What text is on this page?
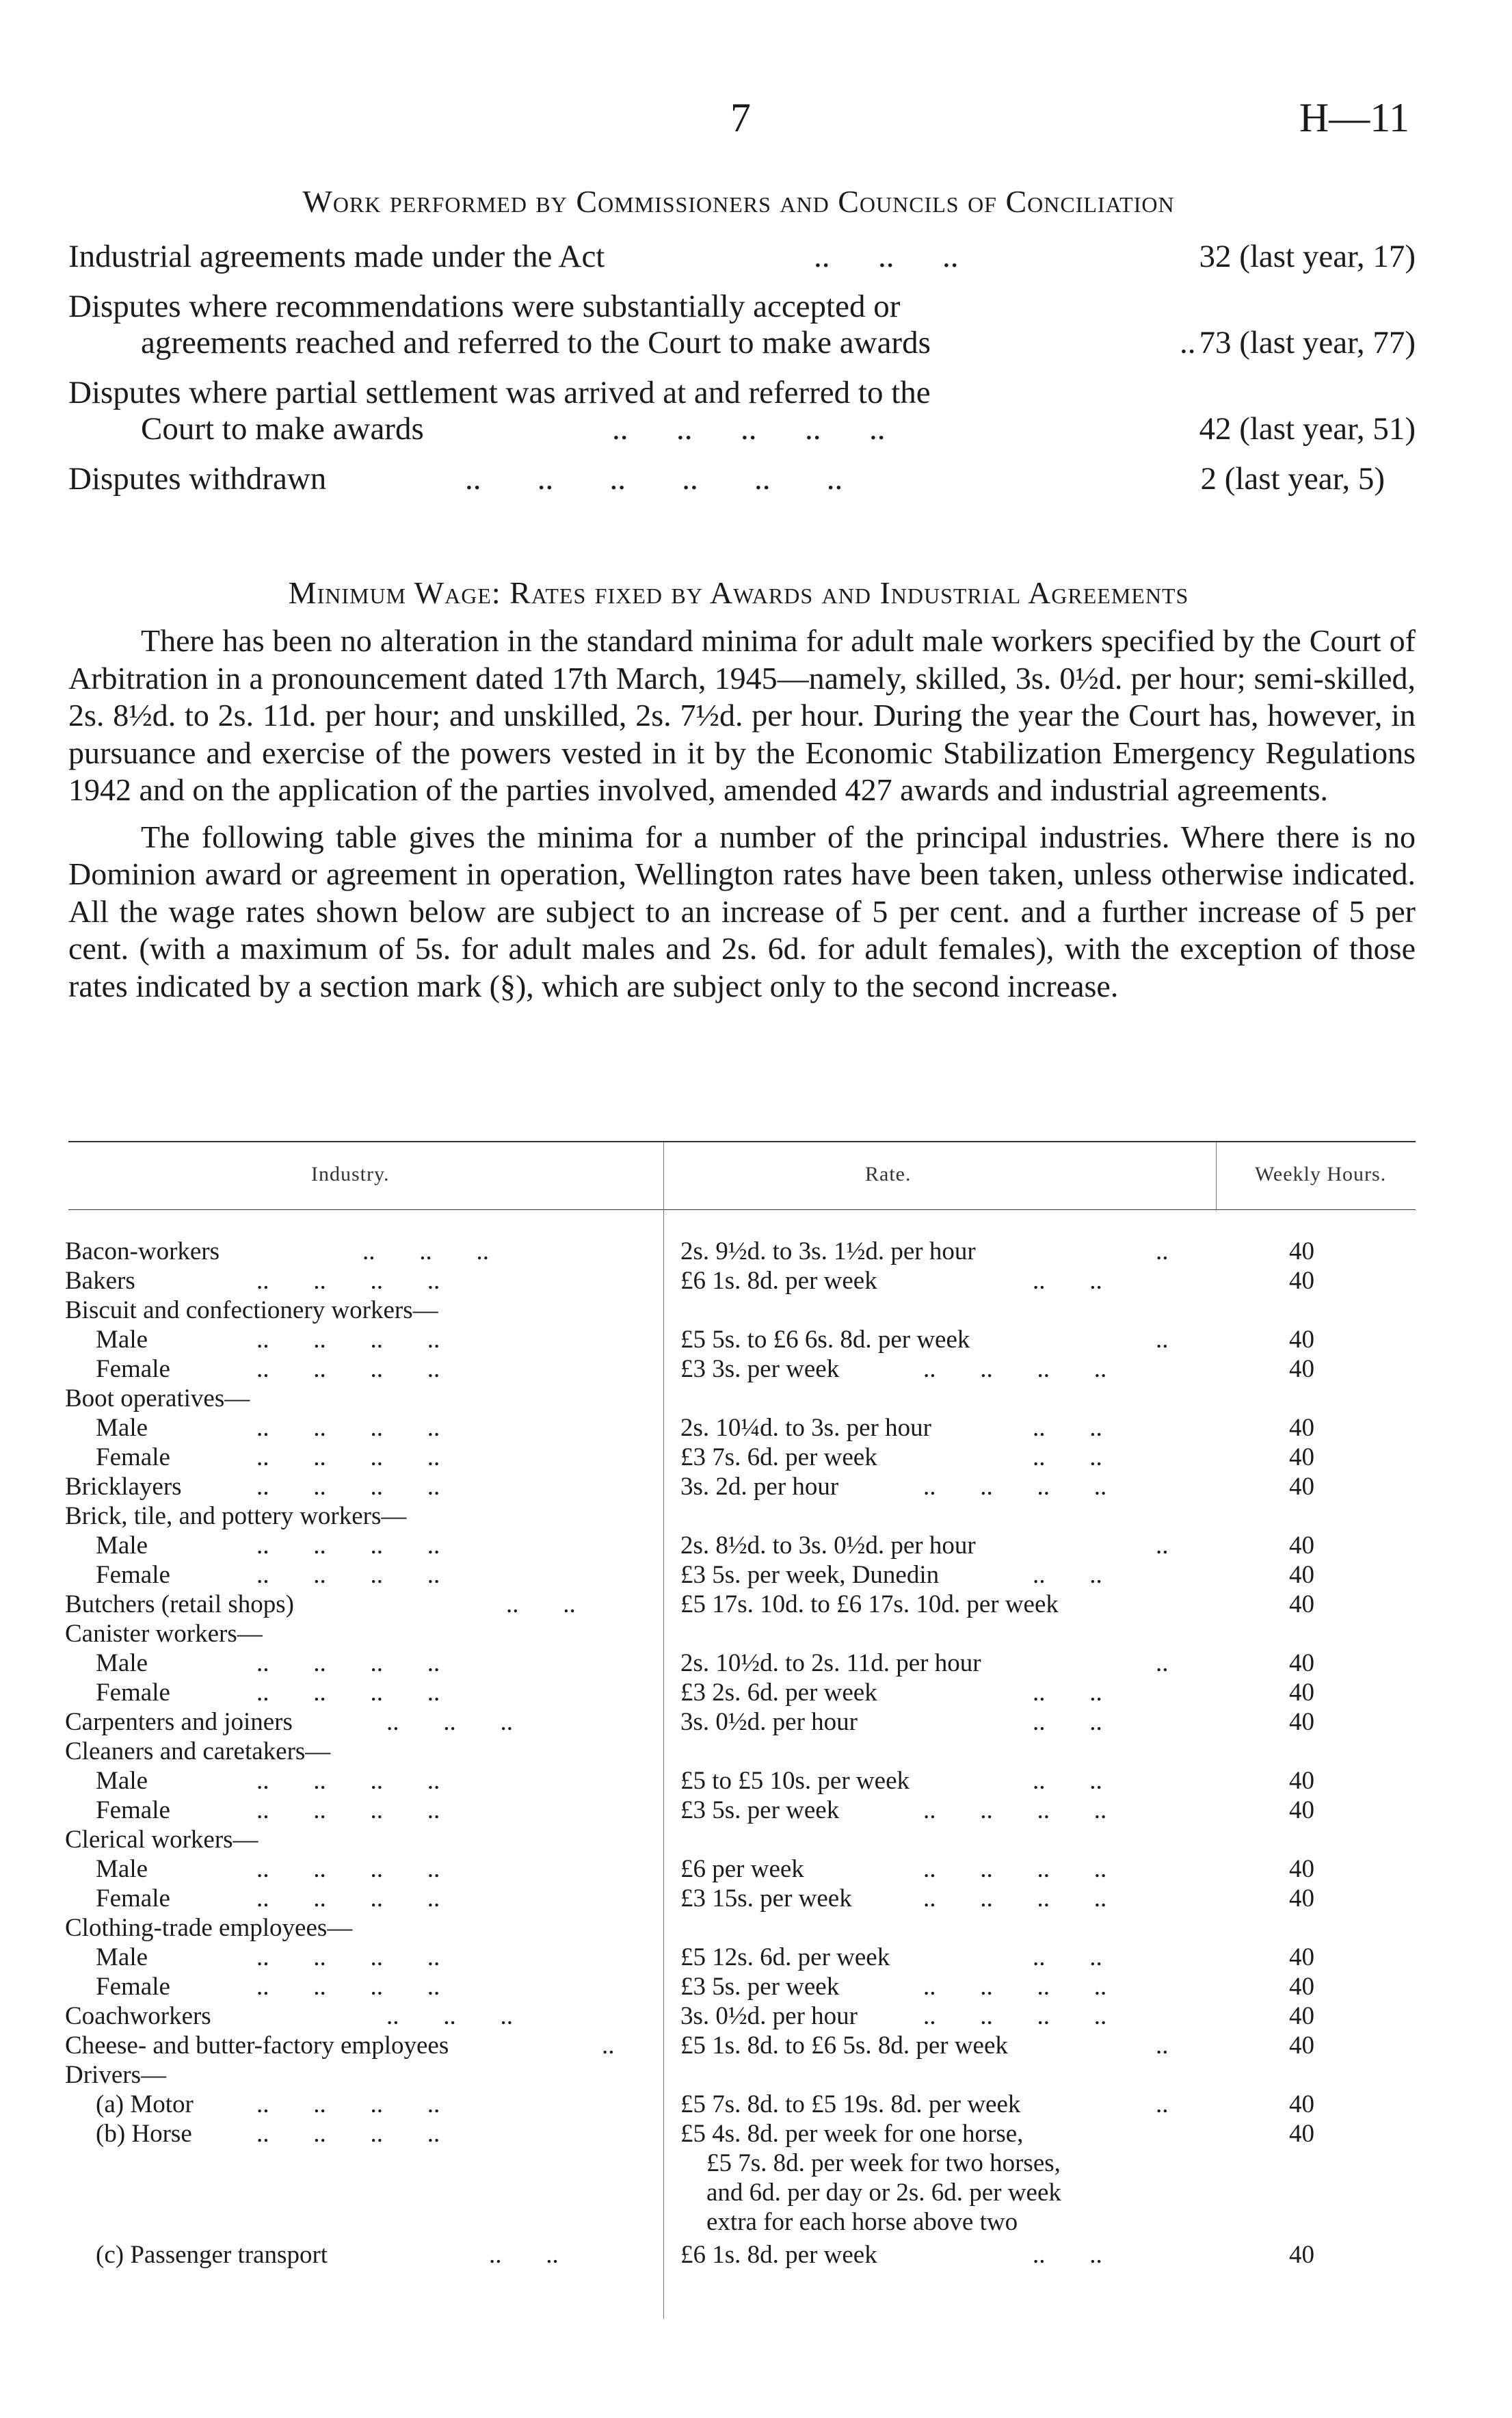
7	H—11
Work performed by Commissioners and Councils of Conciliation
Industrial agreements made under the Act	..      ..      ..	32 (last year, 17)
Disputes where recommendations were substantially accepted or
agreements reached and referred to the Court to make awards	.. 73 (last year, 77)
Disputes where partial settlement was arrived at and referred to the
Court to make awards	..      ..      ..      ..      ..	42 (last year, 51)
Disputes withdrawn	..       ..       ..       ..       ..       ..	2 (last year, 5)
Minimum Wage: Rates fixed by Awards and Industrial Agreements

There has been no alteration in the standard minima for adult male workers specified by the Court of Arbitration in a pronouncement dated 17th March, 1945—namely, skilled, 3s. 0½d. per hour; semi-skilled, 2s. 8½d. to 2s. 11d. per hour; and unskilled, 2s. 7½d. per hour. During the year the Court has, however, in pursuance and exercise of the powers vested in it by the Economic Stabilization Emergency Regulations 1942 and on the application of the parties involved, amended 427 awards and industrial agreements.

The following table gives the minima for a number of the principal industries. Where there is no Dominion award or agreement in operation, Wellington rates have been taken, unless otherwise indicated. All the wage rates shown below are subject to an increase of 5 per cent. and a further increase of 5 per cent. (with a maximum of 5s. for adult males and 2s. 6d. for adult females), with the exception of those rates indicated by a section mark (§), which are subject only to the second increase.

Industry.	Rate.	Weekly Hours.
Bacon-workers	..       ..       ..	2s. 9½d. to 3s. 1½d. per hour	..	40
Bakers	..       ..       ..       ..	£6 1s. 8d. per week	..       ..	40
Biscuit and confectionery workers—
Male	..       ..       ..       ..	£5 5s. to £6 6s. 8d. per week	..	40
Female	..       ..       ..       ..	£3 3s. per week	..       ..       ..       ..	40
Boot operatives—
Male	..       ..       ..       ..	2s. 10¼d. to 3s. per hour	..       ..	40
Female	..       ..       ..       ..	£3 7s. 6d. per week	..       ..	40
Bricklayers	..       ..       ..       ..	3s. 2d. per hour	..       ..       ..       ..	40
Brick, tile, and pottery workers—
Male	..       ..       ..       ..	2s. 8½d. to 3s. 0½d. per hour	..	40
Female	..       ..       ..       ..	£3 5s. per week, Dunedin	..       ..	40
Butchers (retail shops)	..       ..	£5 17s. 10d. to £6 17s. 10d. per week	40
Canister workers—
Male	..       ..       ..       ..	2s. 10½d. to 2s. 11d. per hour	..	40
Female	..       ..       ..       ..	£3 2s. 6d. per week	..       ..	40
Carpenters and joiners	..       ..       ..	3s. 0½d. per hour	..       ..	40
Cleaners and caretakers—
Male	..       ..       ..       ..	£5 to £5 10s. per week	..       ..	40
Female	..       ..       ..       ..	£3 5s. per week	..       ..       ..       ..	40
Clerical workers—
Male	..       ..       ..       ..	£6 per week	..       ..       ..       ..	40
Female	..       ..       ..       ..	£3 15s. per week	..       ..       ..       ..	40
Clothing-trade employees—
Male	..       ..       ..       ..	£5 12s. 6d. per week	..       ..	40
Female	..       ..       ..       ..	£3 5s. per week	..       ..       ..       ..	40
Coachworkers	..       ..       ..	3s. 0½d. per hour	..       ..       ..       ..	40
Cheese- and butter-factory employees	..	£5 1s. 8d. to £6 5s. 8d. per week	..	40
Drivers—
(a) Motor ..       ..       ..       ..	£5 7s. 8d. to £5 19s. 8d. per week	..	40
(b) Horse	..       ..       ..       ..	£5 4s. 8d. per week for one horse,	40
£5 7s. 8d. per week for two horses,
and 6d. per day or 2s. 6d. per week
extra for each horse above two
(c) Passenger transport	..       ..	£6 1s. 8d. per week	..       ..	40
